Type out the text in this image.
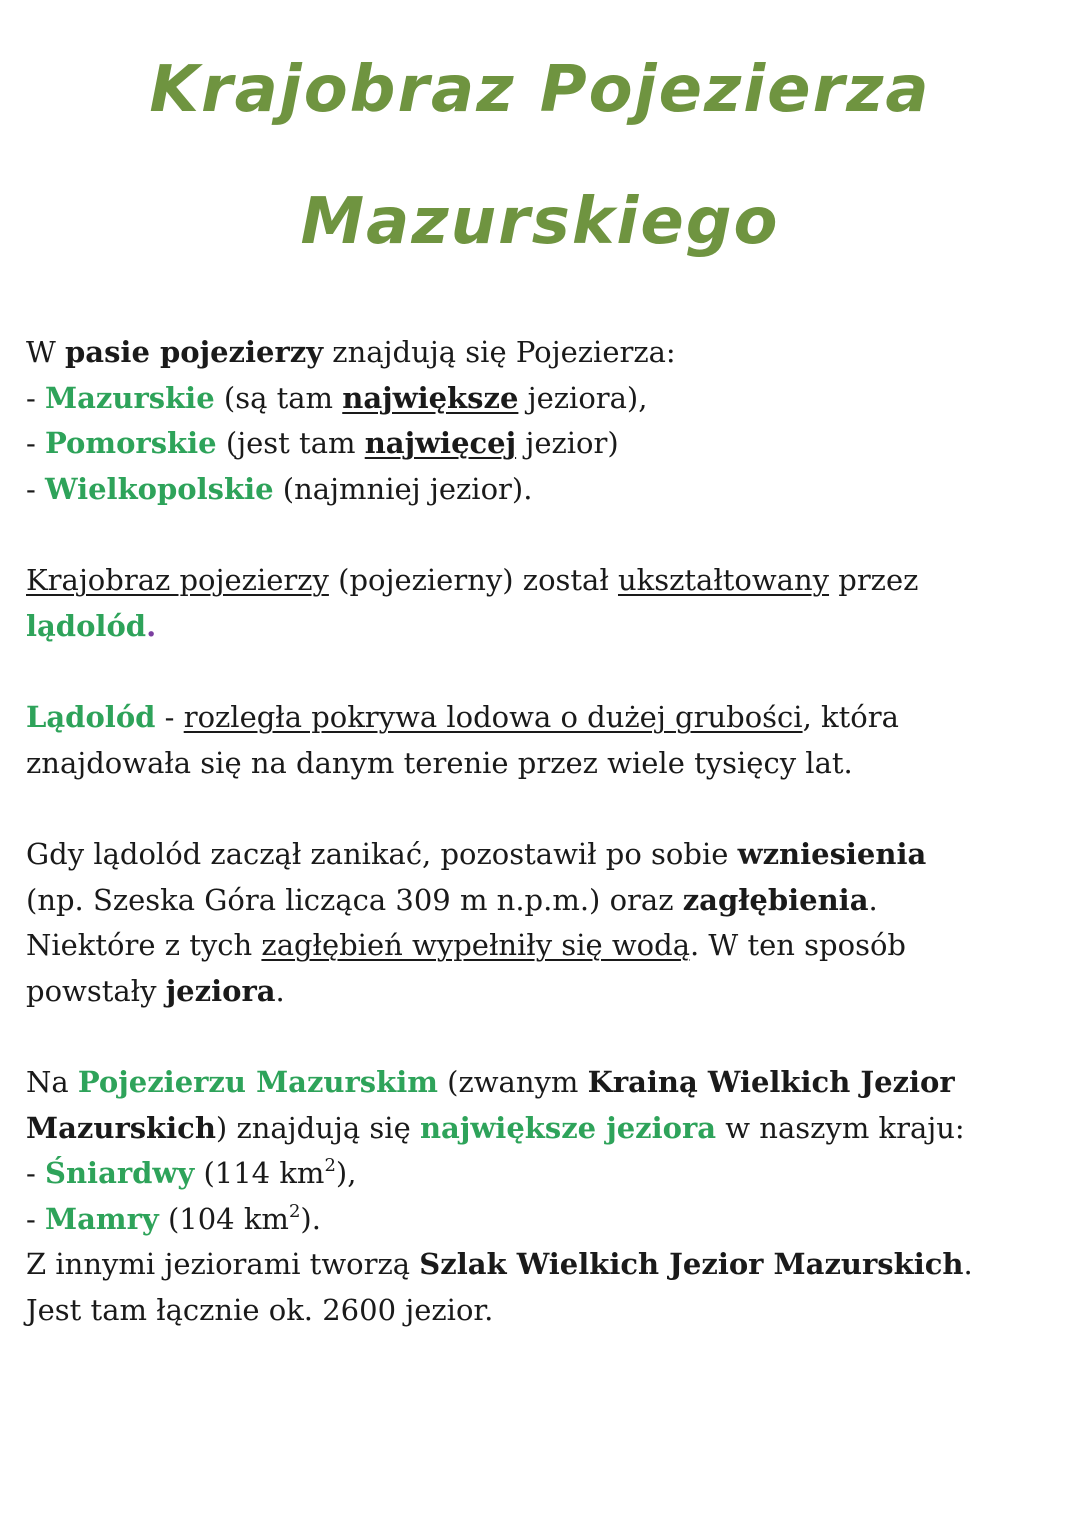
Krajobraz Pojezierza
Mazurskiego
W pasie pojezierzy znajdują się Pojezierza:
- Mazurskie (są tam największe jeziora),
- Pomorskie (jest tam najwięcej jezior)
- Wielkopolskie (najmniej jezior).
Krajobraz pojezierzy (pojezierny) został ukształtowany przez
lądolód.
Lądolód - rozległa pokrywa lodowa o dużej grubości, która
znajdowała się na danym terenie przez wiele tysięcy lat.
Gdy lądolód zaczął zanikać, pozostawił po sobie wzniesienia
(np. Szeska Góra licząca 309 m n.p.m.) oraz zagłębienia.
Niektóre z tych zagłębień wypełniły się wodą. W ten sposób
powstały jeziora.
Na Pojezierzu Mazurskim (zwanym Krainą Wielkich Jezior
Mazurskich) znajdują się największe jeziora w naszym kraju:
- Śniardwy (114 $km^2$),
- Mamry (104 $km^2$).
Z innymi jeziorami tworzą Szlak Wielkich Jezior Mazurskich.
Jest tam łącznie ok. 2600 jezior.
